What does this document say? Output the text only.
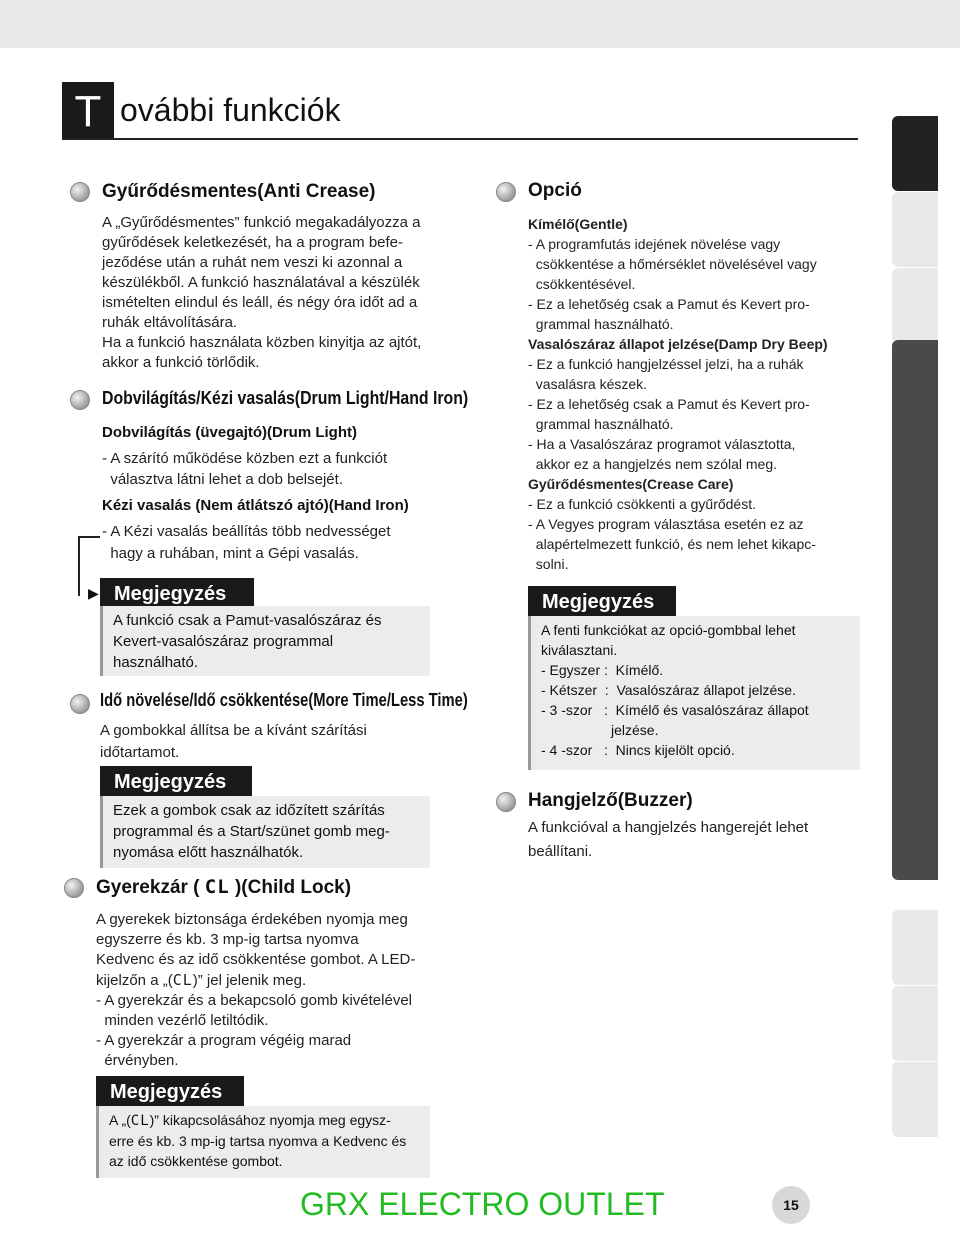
További funkciók
T ovábbi funkciók
Gyűrődésmentes(Anti Crease)

A „Gyűrődésmentes” funkció megakadályozza a

gyűrődések keletkezését, ha a program befe-

jeződése után a ruhát nem veszi ki azonnal a

készülékből. A funkció használatával a készülék

ismételten elindul és leáll, és négy óra időt ad a

ruhák eltávolítására.

Ha a funkció használata közben kinyitja az ajtót,

akkor a funkció törlődik.

Dobvilágítás/Kézi vasalás(Drum Light/Hand Iron)
Dobvilágítás (üvegajtó)(Drum Light)

- A szárító működése közben ezt a funkciót

választva látni lehet a dob belsejét.

Kézi vasalás (Nem átlátszó ajtó)(Hand Iron)

- A Kézi vasalás beállítás több nedvességet

hagy a ruhában, mint a Gépi vasalás.

▶ Megjegyzés

A funkció csak a Pamut-vasalószáraz és

Kevert-vasalószáraz programmal

használható.

Idő növelése/Idő csökkentése(More Time/Less Time)

A gombokkal állítsa be a kívánt szárítási

időtartamot.

Megjegyzés

Ezek a gombok csak az időzített szárítás

programmal és a Start/szünet gomb meg-

nyomása előtt használhatók.

Gyerekzár ( CL )(Child Lock)

A gyerekek biztonsága érdekében nyomja meg

egyszerre és kb. 3 mp-ig tartsa nyomva

Kedvenc és az idő csökkentése gombot. A LED-

kijelzőn a „(CL)” jel jelenik meg.

- A gyerekzár és a bekapcsoló gomb kivételével

minden vezérlő letiltódik.

- A gyerekzár a program végéig marad

érvényben.

Megjegyzés

A „(CL)” kikapcsolásához nyomja meg egysz-

erre és kb. 3 mp-ig tartsa nyomva a Kedvenc és

az idő csökkentése gombot.

Opció

Kímélő(Gentle)

- A programfutás idejének növelése vagy

csökkentése a hőmérséklet növelésével vagy

csökkentésével.

- Ez a lehetőség csak a Pamut és Kevert pro-

grammal használható.

Vasalószáraz állapot jelzése(Damp Dry Beep)

- Ez a funkció hangjelzéssel jelzi, ha a ruhák

vasalásra készek.

- Ez a lehetőség csak a Pamut és Kevert pro-

grammal használható.

- Ha a Vasalószáraz programot választotta,

akkor ez a hangjelzés nem szólal meg.

Gyűrődésmentes(Crease Care)

- Ez a funkció csökkenti a gyűrődést.

- A Vegyes program választása esetén ez az

alapértelmezett funkció, és nem lehet kikapc-

solni.

Megjegyzés

A fenti funkciókat az opció-gombbal lehet

kiválasztani.

- Egyszer :  Kímélő.

- Kétszer  :  Vasalószáraz állapot jelzése.

- 3 -szor   :  Kímélő és vasalószáraz állapot

jelzése.

- 4 -szor   :  Nincs kijelölt opció.

Hangjelző(Buzzer)

A funkcióval a hangjelzés hangerejét lehet

beállítani.

GRX ELECTRO OUTLET	15
